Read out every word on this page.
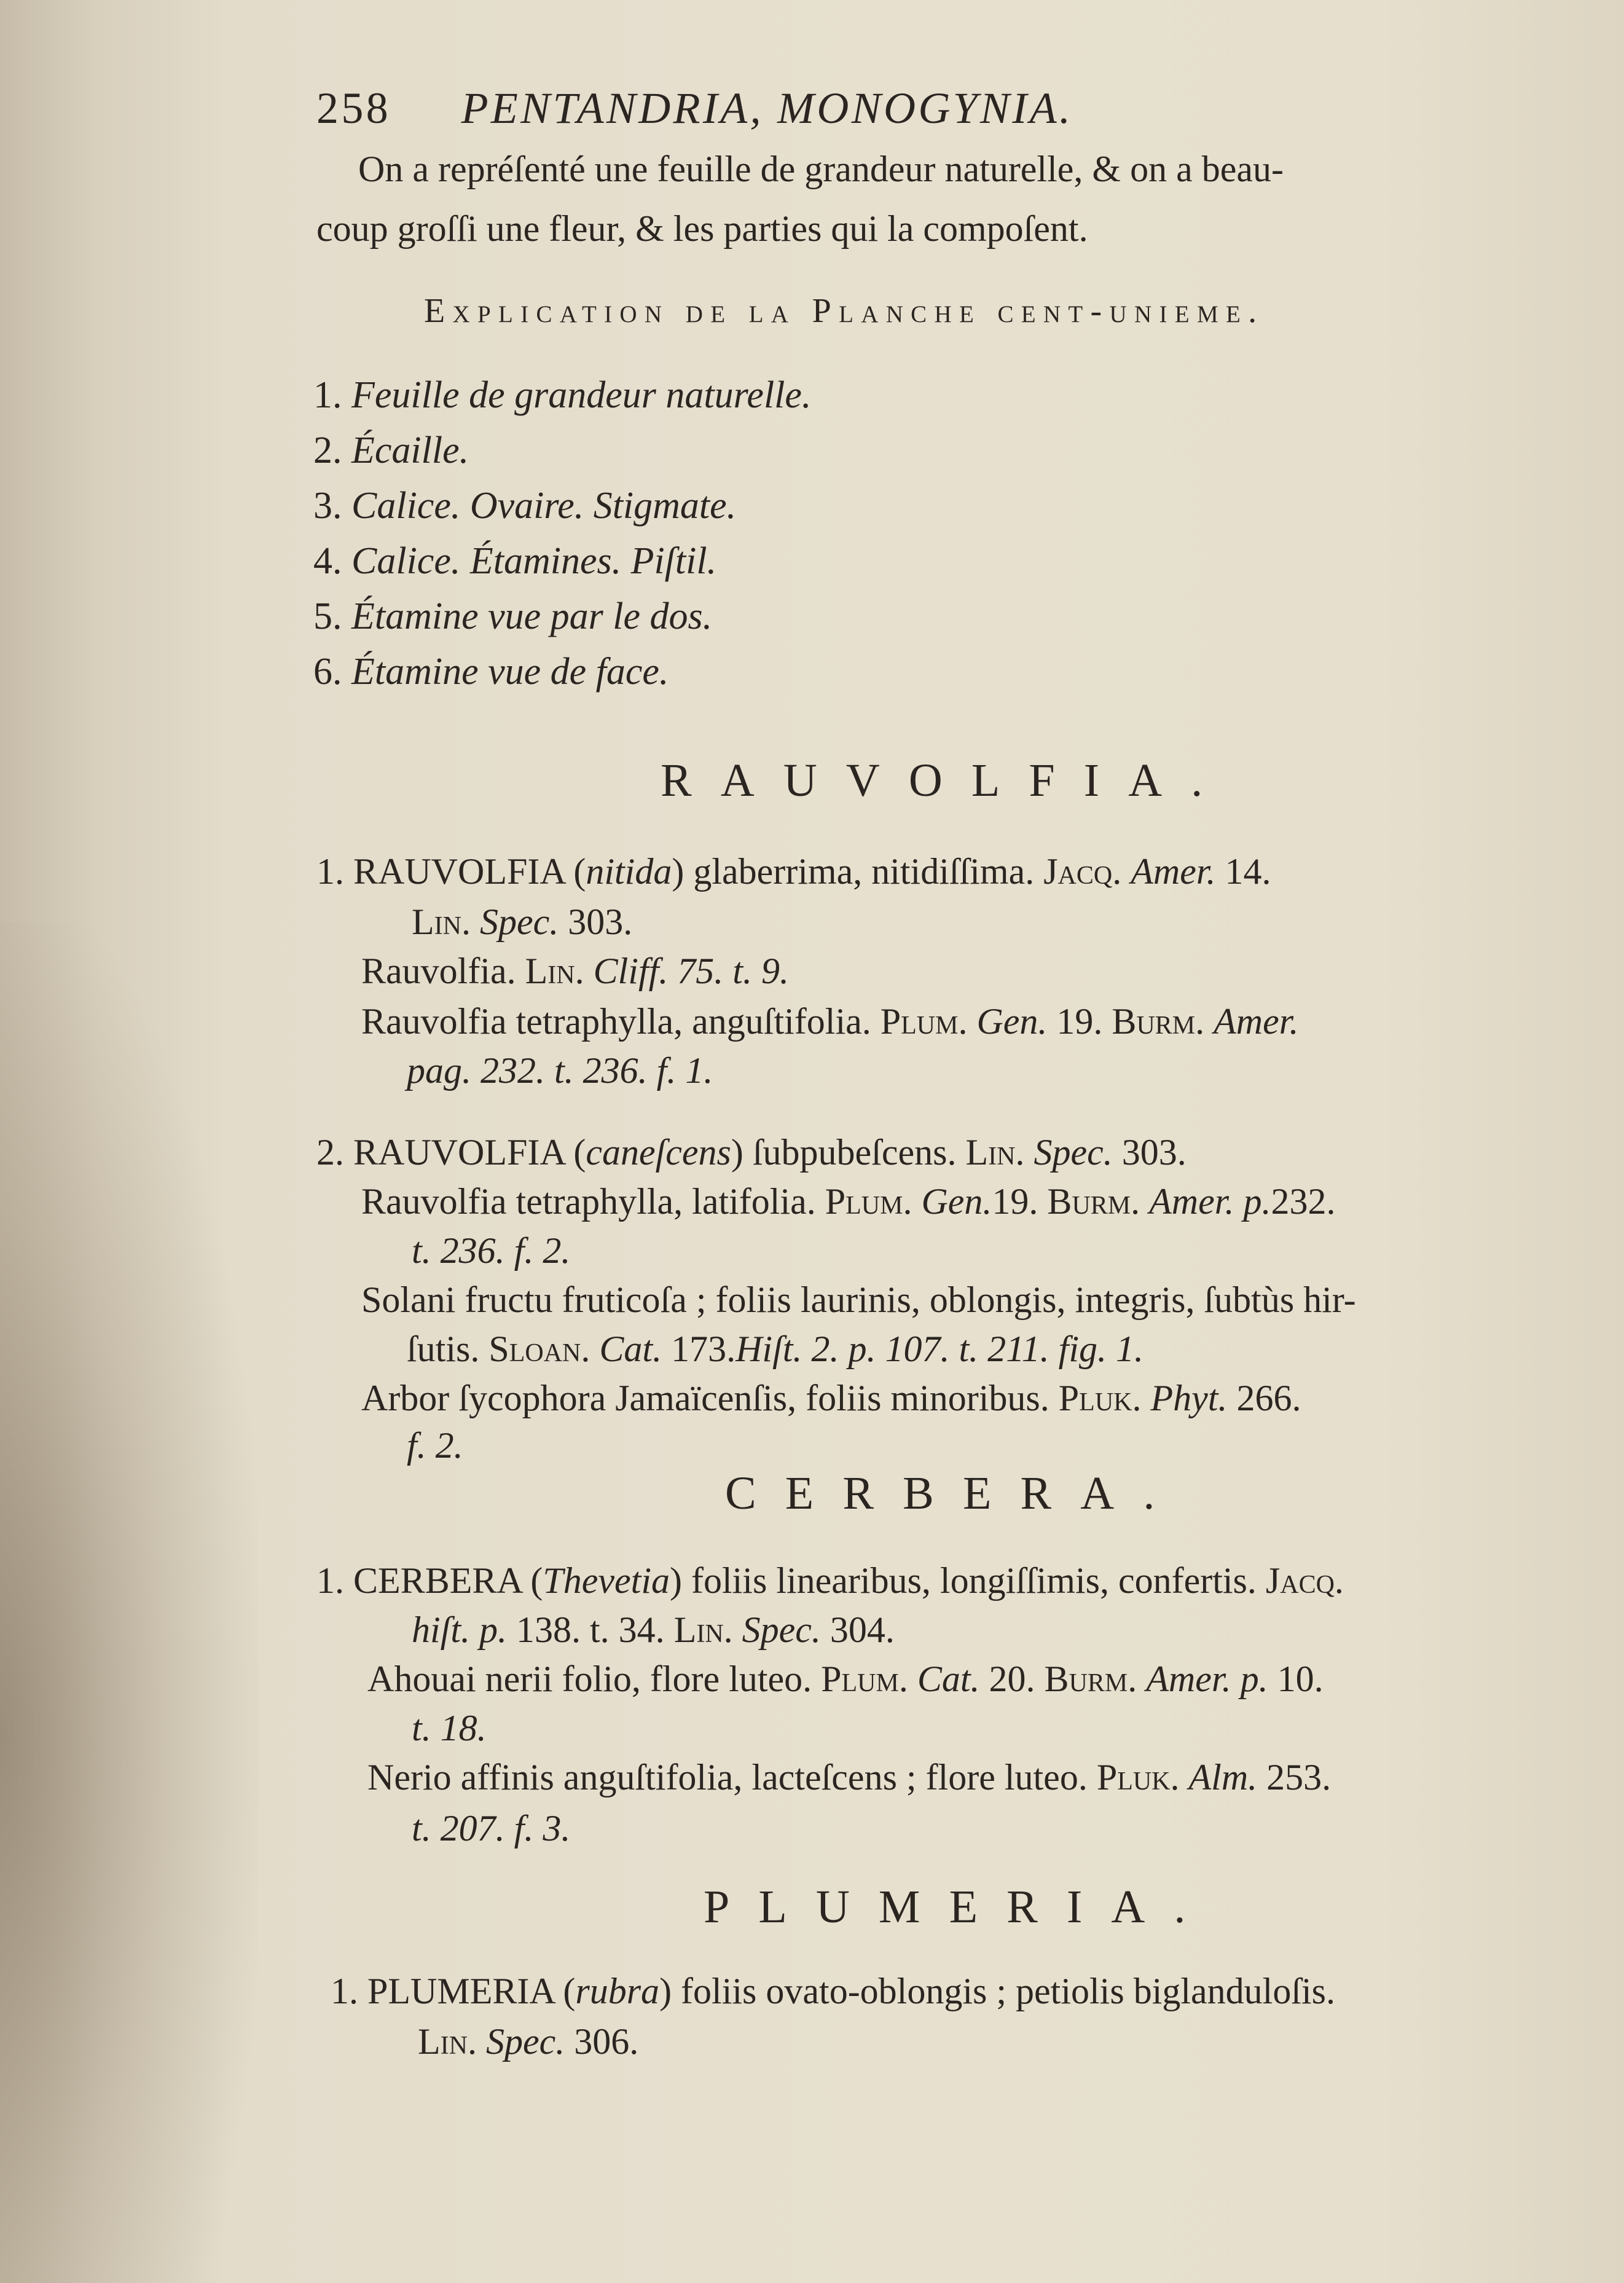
258 PENTANDRIA, MONOGYNIA.
On a repréſenté une feuille de grandeur naturelle, & on a beau-
coup groſſi une fleur, & les parties qui la compoſent.
Explication de la Planche cent-unieme.
1. Feuille de grandeur naturelle.
2. Écaille.
3. Calice. Ovaire. Stigmate.
4. Calice. Étamines. Piſtil.
5. Étamine vue par le dos.
6. Étamine vue de face.
RAUVOLFIA.
1. RAUVOLFIA (nitida) glaberrima, nitidiſſima. Jacq. Amer. 14.
Lin. Spec. 303.
Rauvolfia. Lin. Cliff. 75. t. 9.
Rauvolfia tetraphylla, anguſtifolia. Plum. Gen. 19. Burm. Amer.
pag. 232. t. 236. f. 1.
2. RAUVOLFIA (caneſcens) ſubpubeſcens. Lin. Spec. 303.
Rauvolfia tetraphylla, latifolia. Plum. Gen.19. Burm. Amer. p.232.
t. 236. f. 2.
Solani fructu fruticoſa ; foliis laurinis, oblongis, integris, ſubtùs hir-
ſutis. Sloan. Cat. 173.Hiſt. 2. p. 107. t. 211. fig. 1.
Arbor ſycophora Jamaïcenſis, foliis minoribus. Pluk. Phyt. 266.
f. 2.
CERBERA.
1. CERBERA (Thevetia) foliis linearibus, longiſſimis, confertis. Jacq.
hiſt. p. 138. t. 34. Lin. Spec. 304.
Ahouai nerii folio, flore luteo. Plum. Cat. 20. Burm. Amer. p. 10.
t. 18.
Nerio affinis anguſtifolia, lacteſcens ; flore luteo. Pluk. Alm. 253.
t. 207. f. 3.
PLUMERIA.
1. PLUMERIA (rubra) foliis ovato-oblongis ; petiolis biglanduloſis.
Lin. Spec. 306.
